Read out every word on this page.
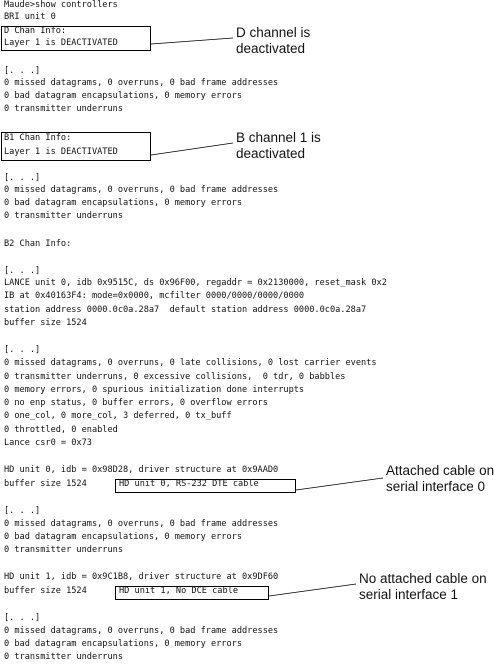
Maude>show controllers
BRI unit 0
D Chan Info:
Layer 1 is DEACTIVATED
[. . .]
0 missed datagrams, 0 overruns, 0 bad frame addresses
0 bad datagram encapsulations, 0 memory errors
0 transmitter underruns
B1 Chan Info:
Layer 1 is DEACTIVATED
[. . .]
0 missed datagrams, 0 overruns, 0 bad frame addresses
0 bad datagram encapsulations, 0 memory errors
0 transmitter underruns
B2 Chan Info:
[. . .]
LANCE unit 0, idb 0x9515C, ds 0x96F00, regaddr = 0x2130000, reset_mask 0x2
IB at 0x40163F4: mode=0x0000, mcfilter 0000/0000/0000/0000
station address 0000.0c0a.28a7  default station address 0000.0c0a.28a7
buffer size 1524
[. . .]
0 missed datagrams, 0 overruns, 0 late collisions, 0 lost carrier events
0 transmitter underruns, 0 excessive collisions,  0 tdr, 0 babbles
0 memory errors, 0 spurious initialization done interrupts
0 no enp status, 0 buffer errors, 0 overflow errors
0 one_col, 0 more_col, 3 deferred, 0 tx_buff
0 throttled, 0 enabled
Lance csr0 = 0x73
HD unit 0, idb = 0x98D28, driver structure at 0x9AAD0
buffer size 1524	HD unit 0, RS-232 DTE cable
[. . .]
0 missed datagrams, 0 overruns, 0 bad frame addresses
0 bad datagram encapsulations, 0 memory errors
0 transmitter underruns
HD unit 1, idb = 0x9C1B8, driver structure at 0x9DF60
buffer size 1524	HD unit 1, No DCE cable
[. . .]
0 missed datagrams, 0 overruns, 0 bad frame addresses
0 bad datagram encapsulations, 0 memory errors
0 transmitter underruns
D channel is
deactivated
B channel 1 is
deactivated
Attached cable on
serial interface 0
No attached cable on
serial interface 1
